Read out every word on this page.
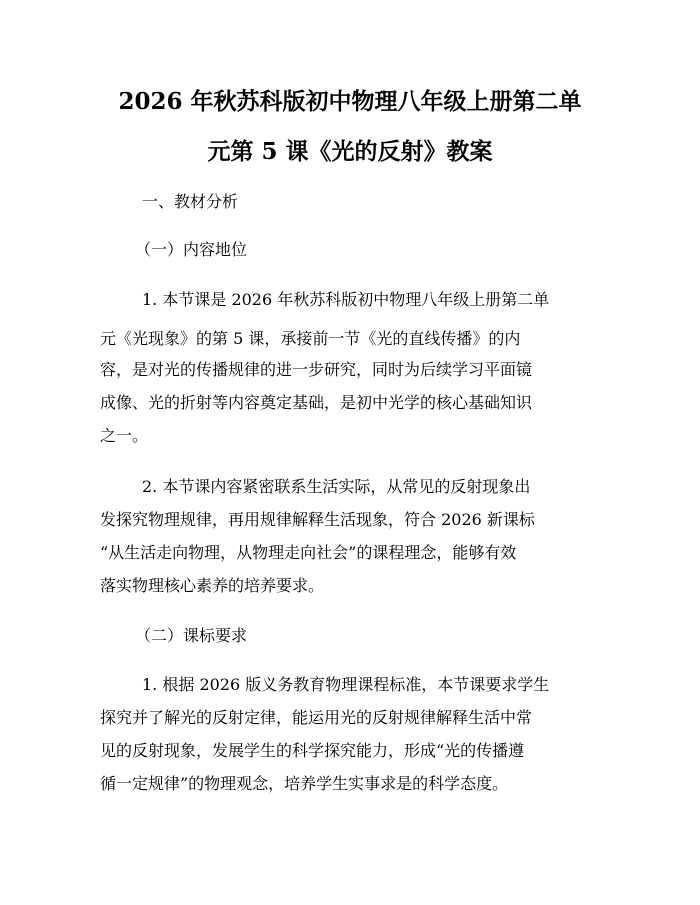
2026 年秋苏科版初中物理八年级上册第二单
元第 5 课《光的反射》教案
一、教材分析
（一）内容地位
1. 本节课是 2026 年秋苏科版初中物理八年级上册第二单
元《光现象》的第 5 课，承接前一节《光的直线传播》的内
容，是对光的传播规律的进一步研究，同时为后续学习平面镜
成像、光的折射等内容奠定基础，是初中光学的核心基础知识
之一。
2. 本节课内容紧密联系生活实际，从常见的反射现象出
发探究物理规律，再用规律解释生活现象，符合 2026 新课标
“从生活走向物理，从物理走向社会”的课程理念，能够有效
落实物理核心素养的培养要求。
（二）课标要求
1. 根据 2026 版义务教育物理课程标准，本节课要求学生
探究并了解光的反射定律，能运用光的反射规律解释生活中常
见的反射现象，发展学生的科学探究能力，形成“光的传播遵
循一定规律”的物理观念，培养学生实事求是的科学态度。
